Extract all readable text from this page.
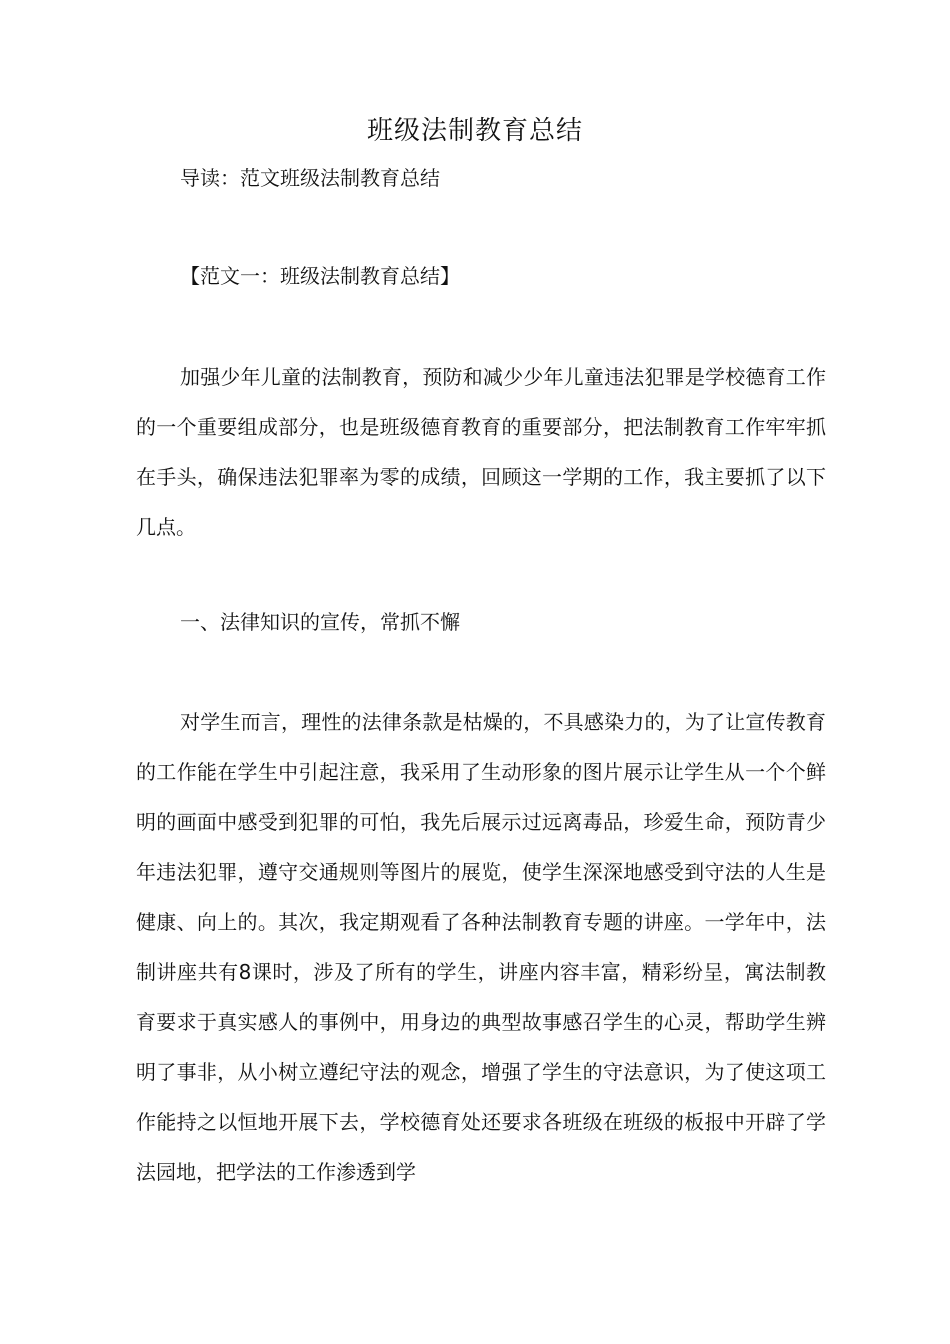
班级法制教育总结
导读：范文班级法制教育总结
【范文一：班级法制教育总结】

加强少年儿童的法制教育，预防和减少少年儿童违法犯罪是学校德育工作的一个重要组成部分，也是班级德育教育的重要部分，把法制教育工作牢牢抓在手头，确保违法犯罪率为零的成绩，回顾这一学期的工作，我主要抓了以下几点。

一、法律知识的宣传，常抓不懈

对学生而言，理性的法律条款是枯燥的，不具感染力的，为了让宣传教育的工作能在学生中引起注意，我采用了生动形象的图片展示让学生从一个个鲜明的画面中感受到犯罪的可怕，我先后展示过远离毒品，珍爱生命，预防青少年违法犯罪，遵守交通规则等图片的展览，使学生深深地感受到守法的人生是健康、向上的。其次，我定期观看了各种法制教育专题的讲座。一学年中，法制讲座共有8课时，涉及了所有的学生，讲座内容丰富，精彩纷呈，寓法制教育要求于真实感人的事例中，用身边的典型故事感召学生的心灵，帮助学生辨明了事非，从小树立遵纪守法的观念，增强了学生的守法意识，为了使这项工作能持之以恒地开展下去，学校德育处还要求各班级在班级的板报中开辟了学法园地，把学法的工作渗透到学
